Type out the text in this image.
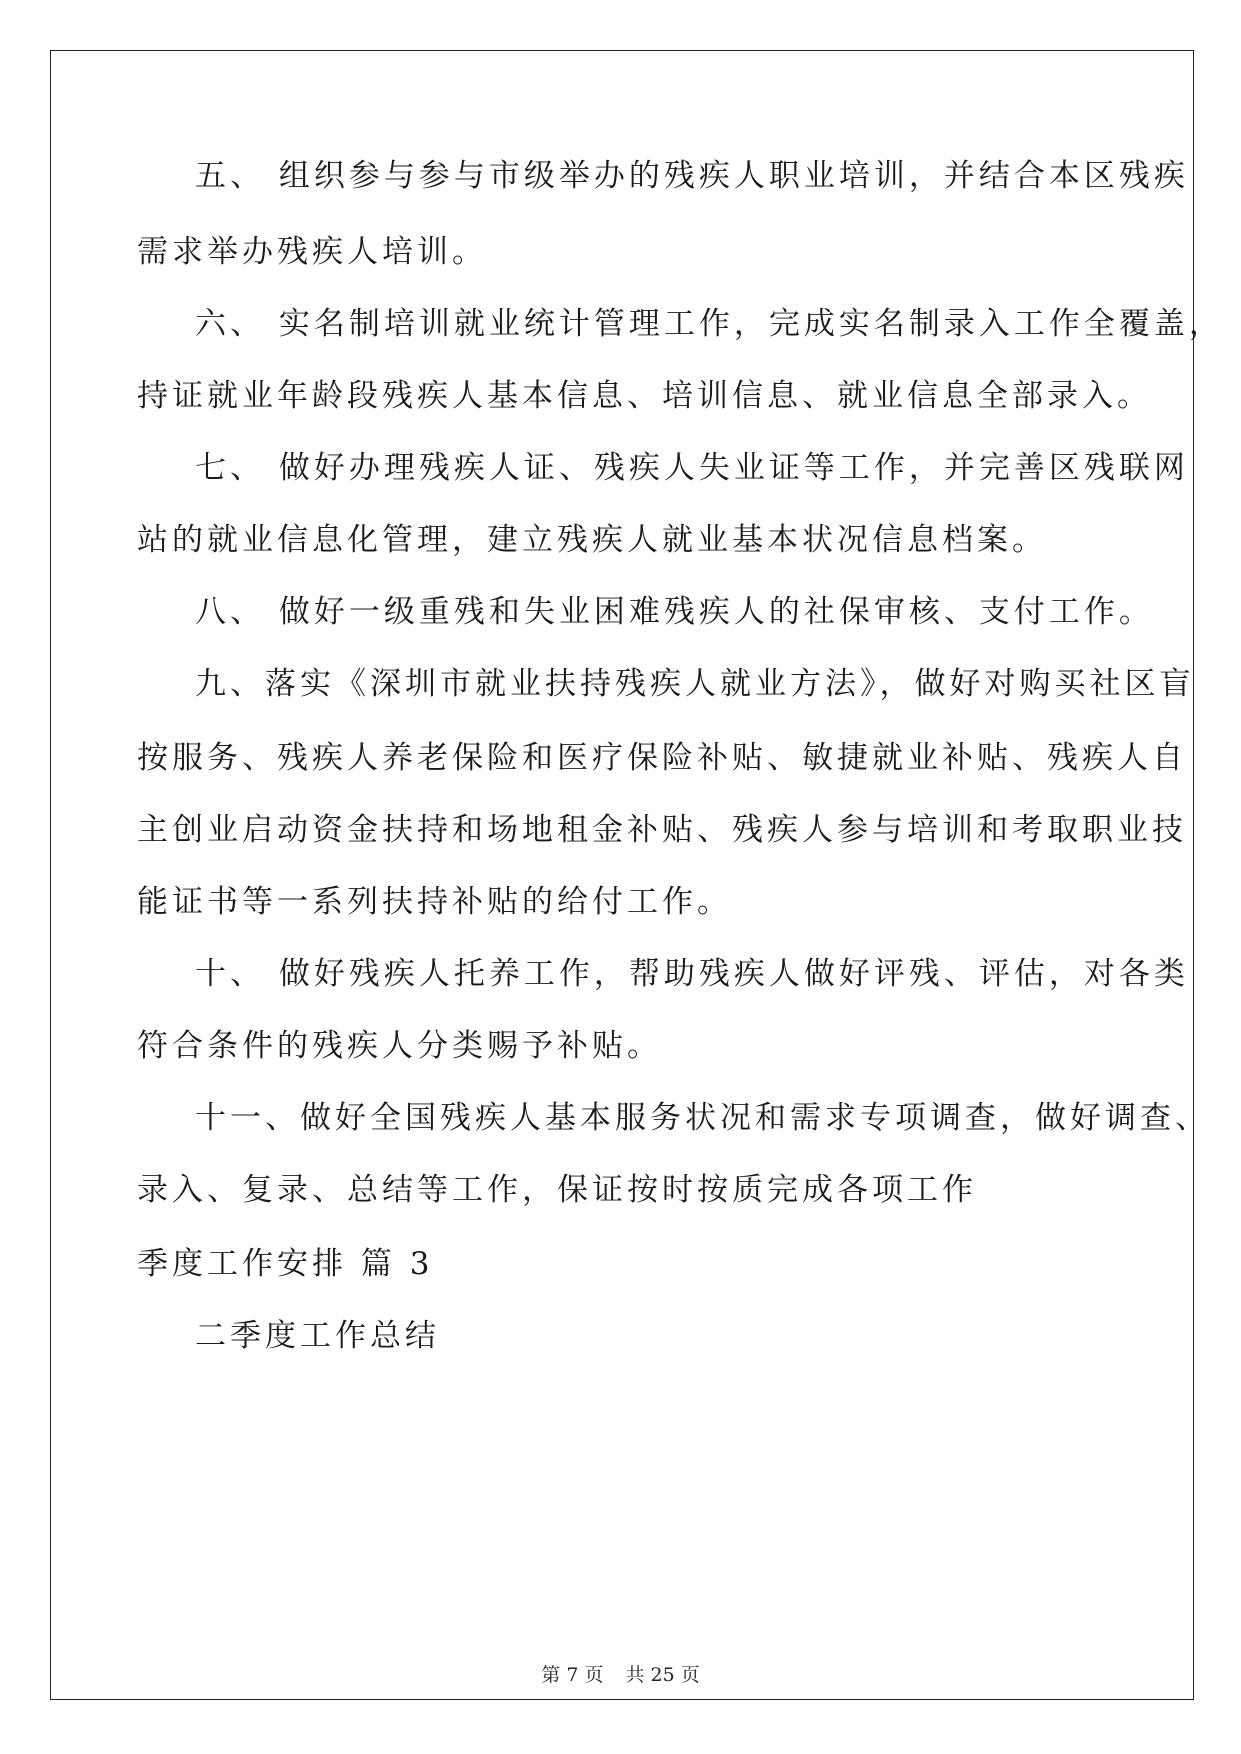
五、 组织参与参与市级举办的残疾人职业培训，并结合本区残疾
需求举办残疾人培训。
六、 实名制培训就业统计管理工作，完成实名制录入工作全覆盖，
持证就业年龄段残疾人基本信息、培训信息、就业信息全部录入。
七、 做好办理残疾人证、残疾人失业证等工作，并完善区残联网
站的就业信息化管理，建立残疾人就业基本状况信息档案。
八、 做好一级重残和失业困难残疾人的社保审核、支付工作。
九、落实《深圳市就业扶持残疾人就业方法》，做好对购买社区盲
按服务、残疾人养老保险和医疗保险补贴、敏捷就业补贴、残疾人自
主创业启动资金扶持和场地租金补贴、残疾人参与培训和考取职业技
能证书等一系列扶持补贴的给付工作。
十、 做好残疾人托养工作，帮助残疾人做好评残、评估，对各类
符合条件的残疾人分类赐予补贴。
十一、做好全国残疾人基本服务状况和需求专项调查，做好调查、
录入、复录、总结等工作，保证按时按质完成各项工作
季度工作安排 篇 3
二季度工作总结
第 7 页 共 25 页
